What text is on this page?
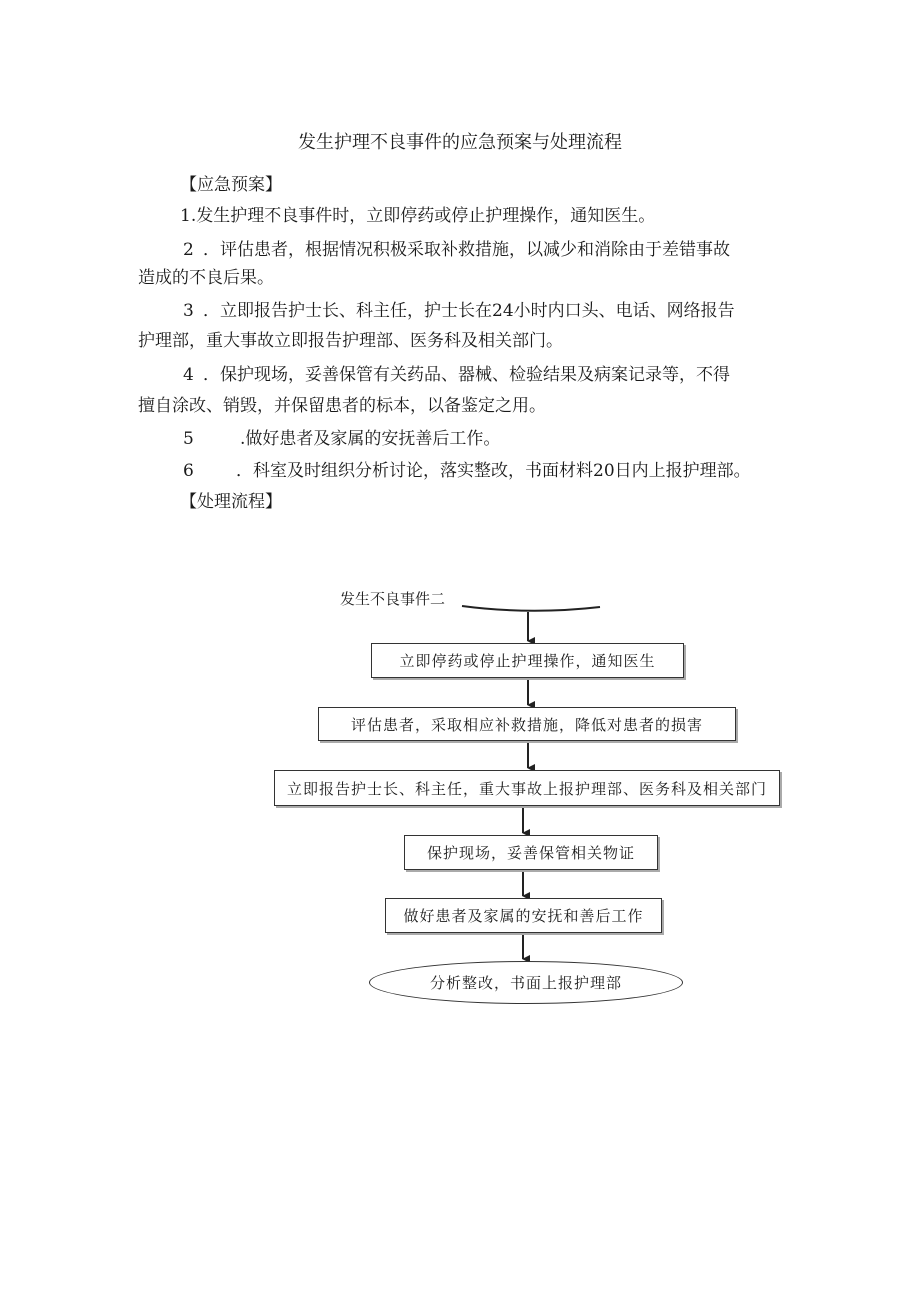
发生护理不良事件的应急预案与处理流程
【应急预案】
1.发生护理不良事件时，立即停药或停止护理操作，通知医生。
2 ．评估患者，根据情况积极采取补救措施，以减少和消除由于差错事故
造成的不良后果。
3 ．立即报告护士长、科主任，护士长在24小时内口头、电话、网络报告
护理部，重大事故立即报告护理部、医务科及相关部门。
4 ．保护现场，妥善保管有关药品、器械、检验结果及病案记录等，不得
擅自涂改、销毁，并保留患者的标本，以备鉴定之用。
5	.做好患者及家属的安抚善后工作。
6 ．科室及时组织分析讨论，落实整改，书面材料20日内上报护理部。
【处理流程】
发生不良事件二
立即停药或停止护理操作，通知医生
评估患者，采取相应补救措施，降低对患者的损害
立即报告护士长、科主任，重大事故上报护理部、医务科及相关部门
保护现场，妥善保管相关物证
做好患者及家属的安抚和善后工作
分析整改，书面上报护理部
